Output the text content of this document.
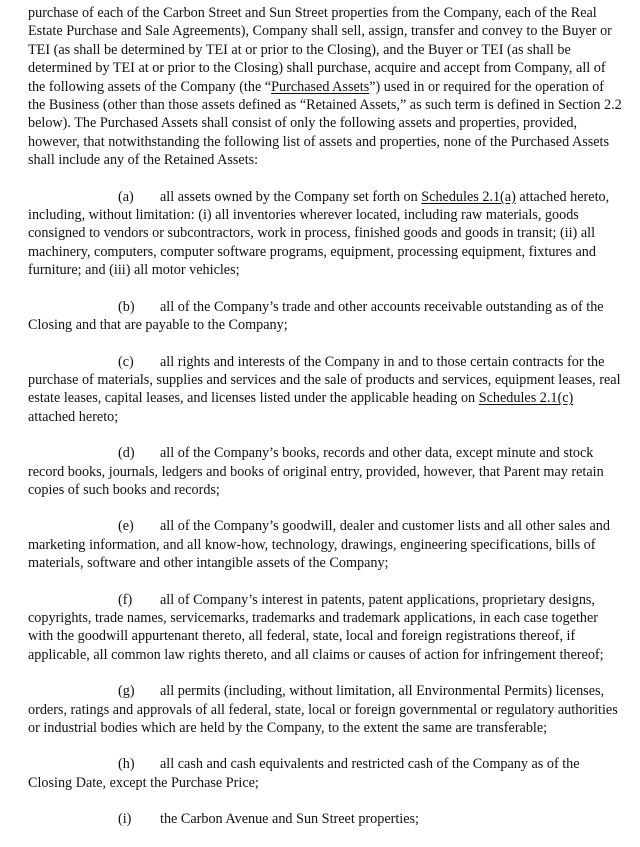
purchase of each of the Carbon Street and Sun Street properties from the Company, each of the Real Estate Purchase and Sale Agreements), Company shall sell, assign, transfer and convey to the Buyer or TEI (as shall be determined by TEI at or prior to the Closing), and the Buyer or TEI (as shall be determined by TEI at or prior to the Closing) shall purchase, acquire and accept from Company, all of the following assets of the Company (the “Purchased Assets”) used in or required for the operation of the Business (other than those assets defined as “Retained Assets,” as such term is defined in Section 2.2 below). The Purchased Assets shall consist of only the following assets and properties, provided, however, that notwithstanding the following list of assets and properties, none of the Purchased Assets shall include any of the Retained Assets:

(a) all assets owned by the Company set forth on Schedules 2.1(a) attached hereto, including, without limitation: (i) all inventories wherever located, including raw materials, goods consigned to vendors or subcontractors, work in process, finished goods and goods in transit; (ii) all machinery, computers, computer software programs, equipment, processing equipment, fixtures and furniture; and (iii) all motor vehicles;

(b) all of the Company’s trade and other accounts receivable outstanding as of the Closing and that are payable to the Company;

(c) all rights and interests of the Company in and to those certain contracts for the purchase of materials, supplies and services and the sale of products and services, equipment leases, real estate leases, capital leases, and licenses listed under the applicable heading on Schedules 2.1(c) attached hereto;

(d) all of the Company’s books, records and other data, except minute and stock record books, journals, ledgers and books of original entry, provided, however, that Parent may retain copies of such books and records;

(e) all of the Company’s goodwill, dealer and customer lists and all other sales and marketing information, and all know-how, technology, drawings, engineering specifications, bills of materials, software and other intangible assets of the Company;

(f) all of Company’s interest in patents, patent applications, proprietary designs, copyrights, trade names, servicemarks, trademarks and trademark applications, in each case together with the goodwill appurtenant thereto, all federal, state, local and foreign registrations thereof, if applicable, all common law rights thereto, and all claims or causes of action for infringement thereof;

(g) all permits (including, without limitation, all Environmental Permits) licenses, orders, ratings and approvals of all federal, state, local or foreign governmental or regulatory authorities or industrial bodies which are held by the Company, to the extent the same are transferable;

(h) all cash and cash equivalents and restricted cash of the Company as of the Closing Date, except the Purchase Price;

(i) the Carbon Avenue and Sun Street properties;
